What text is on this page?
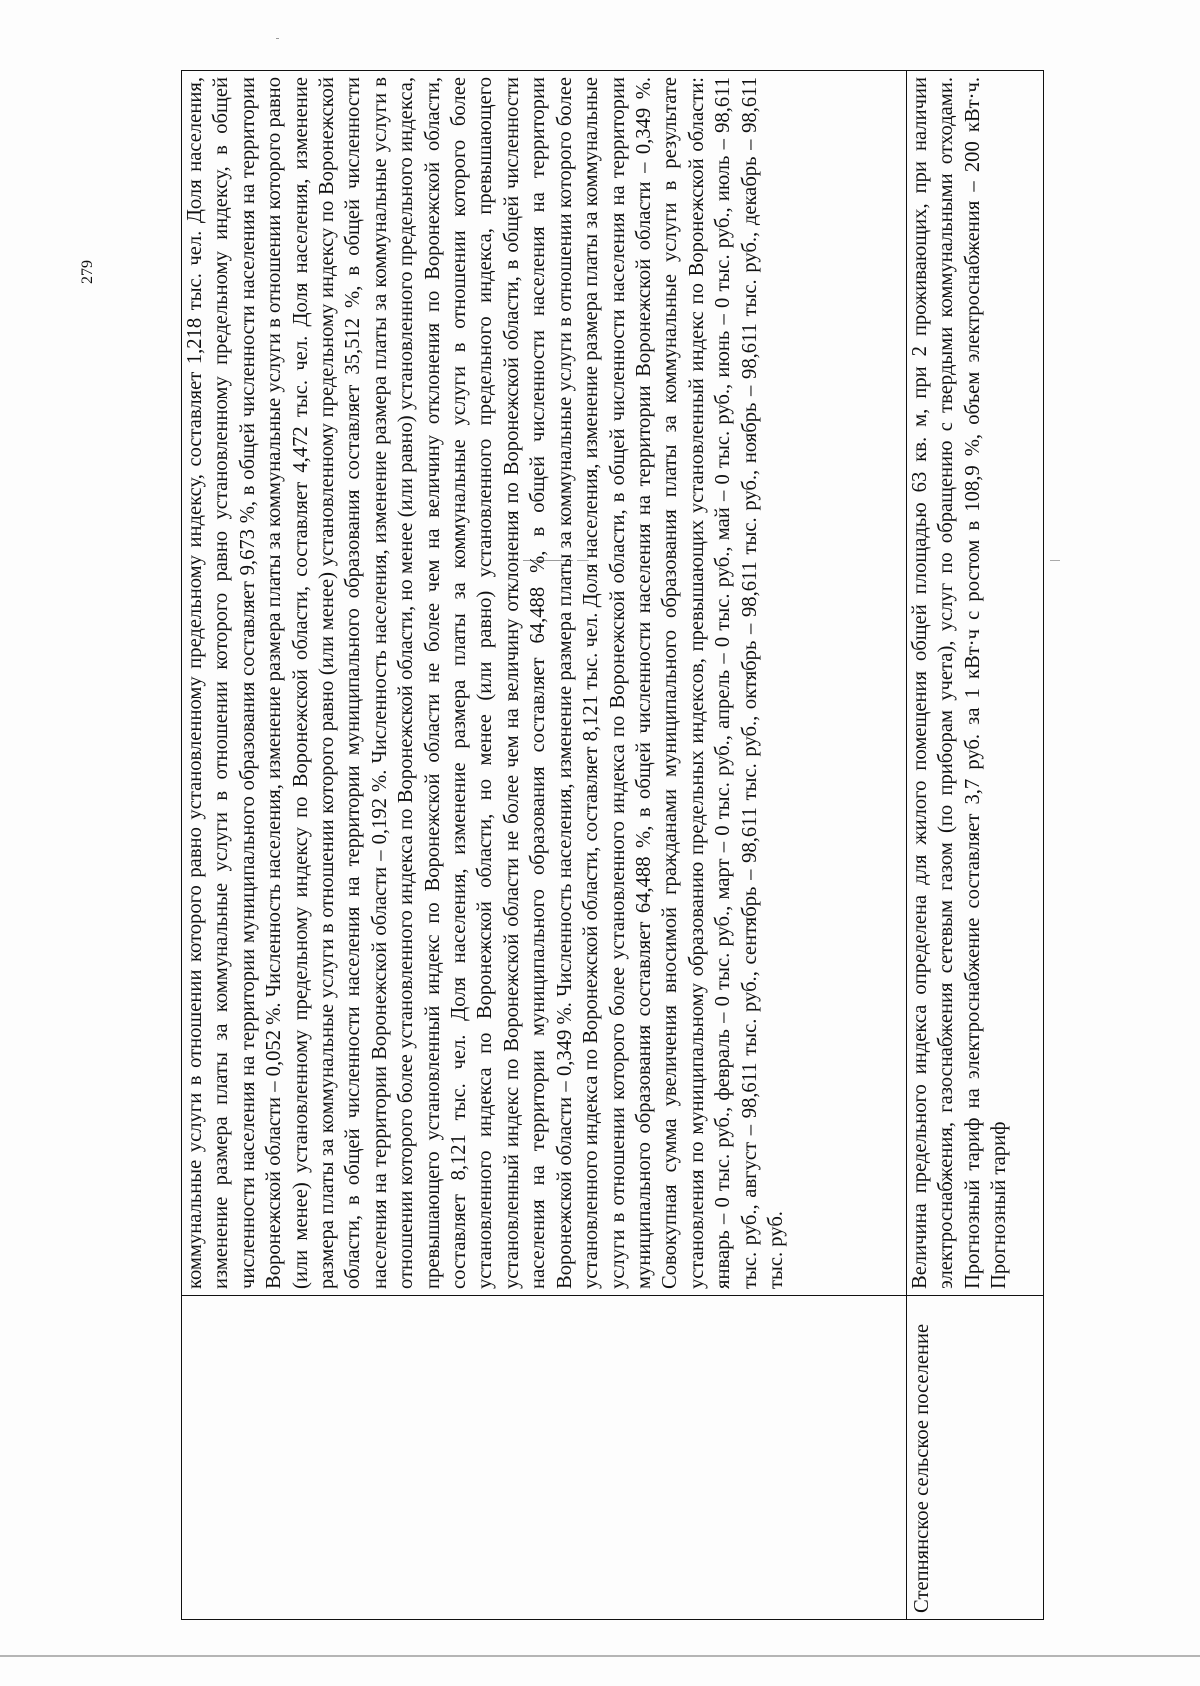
279

	коммунальные услуги в отношении которого равно установленному предельному индексу, составляет 1,218 тыс. чел. Доля населения, изменение размера платы за коммунальные услуги в отношении которого равно установленному предельному индексу, в общей численности населения на территории муниципального образования составляет 9,673 %, в общей численности населения на территории Воронежской области – 0,052 %. Численность населения, изменение размера платы за коммунальные услуги в отношении которого равно (или менее) установленному предельному индексу по Воронежской области, составляет 4,472 тыс. чел. Доля населения, изменение размера платы за коммунальные услуги в отношении которого равно (или менее) установленному предельному индексу по Воронежской области, в общей численности населения на территории муниципального образования составляет 35,512 %, в общей численности населения на территории Воронежской области – 0,192 %. Численность населения, изменение размера платы за коммунальные услуги в отношении которого более установленного индекса по Воронежской области, но менее (или равно) установленного предельного индекса, превышающего установленный индекс по Воронежской области не более чем на величину отклонения по Воронежской области, составляет 8,121 тыс. чел. Доля населения, изменение размера платы за коммунальные услуги в отношении которого более установленного индекса по Воронежской области, но менее (или равно) установленного предельного индекса, превышающего установленный индекс по Воронежской области не более чем на величину отклонения по Воронежской области, в общей численности населения на территории муниципального образования составляет 64,488 %, в общей численности населения на территории Воронежской области – 0,349 %. Численность населения, изменение размера платы за коммунальные услуги в отношении которого более установленного индекса по Воронежской области, составляет 8,121 тыс. чел. Доля населения, изменение размера платы за коммунальные услуги в отношении которого более установленного индекса по Воронежской области, в общей численности населения на территории муниципального образования составляет 64,488 %, в общей численности населения на территории Воронежской области – 0,349 %. Совокупная сумма увеличения вносимой гражданами муниципального образования платы за коммунальные услуги в результате установления по муниципальному образованию предельных индексов, превышающих установленный индекс по Воронежской области: январь – 0 тыс. руб., февраль – 0 тыс. руб., март – 0 тыс. руб., апрель – 0 тыс. руб., май – 0 тыс. руб., июнь – 0 тыс. руб., июль – 98,611 тыс. руб., август – 98,611 тыс. руб., сентябрь – 98,611 тыс. руб., октябрь – 98,611 тыс. руб., ноябрь – 98,611 тыс. руб., декабрь – 98,611 тыс. руб.

Степнянское сельское поселение	Величина предельного индекса определена для жилого помещения общей площадью 63 кв. м, при 2 проживающих, при наличии электроснабжения, газоснабжения сетевым газом (по приборам учета), услуг по обращению с твердыми коммунальными отходами. Прогнозный тариф на электроснабжение составляет 3,7 руб. за 1 кВт·ч с ростом в 108,9 %, объем электроснабжения – 200 кВт·ч. Прогнозный тариф
